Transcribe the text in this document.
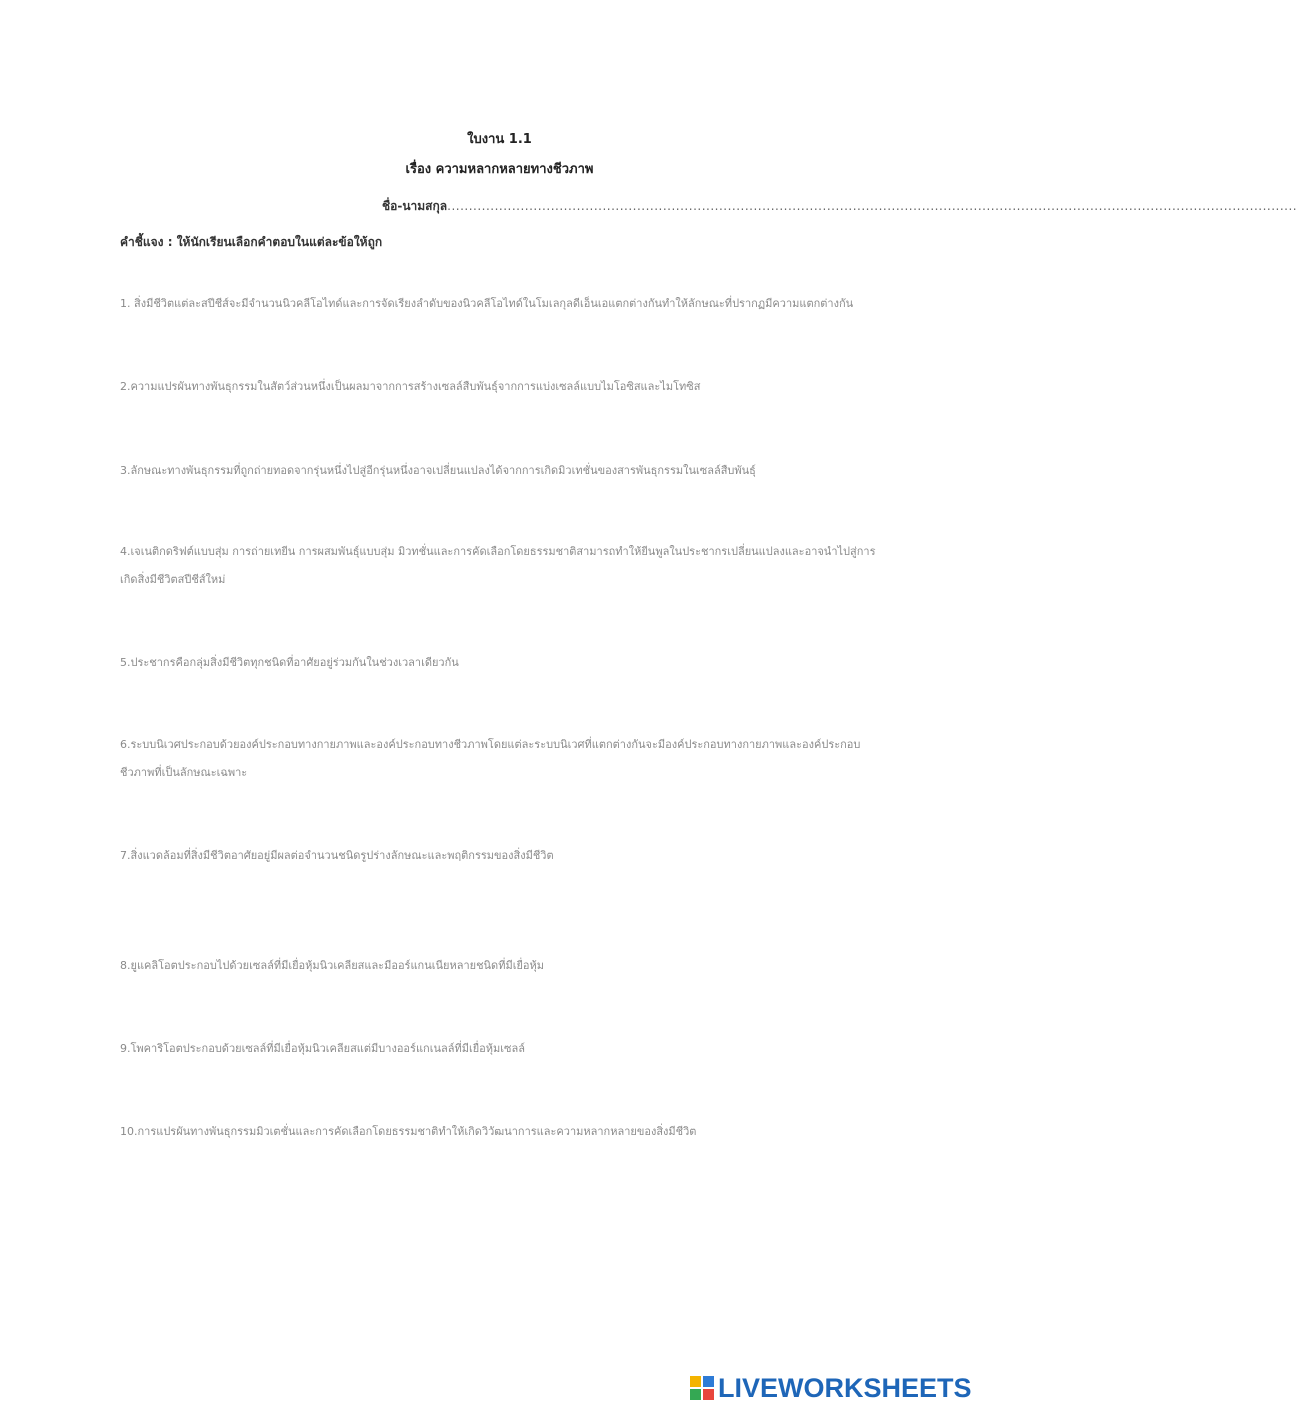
ใบงาน 1.1
เรื่อง ความหลากหลายทางชีวภาพ
ชื่อ-นามสกุล.....................................................................................................................................................................................................
คำชี้แจง : ให้นักเรียนเลือกคำตอบในแต่ละข้อให้ถูก
1. สิ่งมีชีวิตแต่ละสปีชีส์จะมีจำนวนนิวคลีโอไทด์และการจัดเรียงลำดับของนิวคลีโอไทด์ในโมเลกุลดีเอ็นเอแตกต่างกันทำให้ลักษณะที่ปรากฏมีความแตกต่างกัน
2.ความแปรผันทางพันธุกรรมในสัตว์ส่วนหนึ่งเป็นผลมาจากการสร้างเซลล์สืบพันธุ์จากการแบ่งเซลล์แบบไมโอซิสและไมโทซิส
3.ลักษณะทางพันธุกรรมที่ถูกถ่ายทอดจากรุ่นหนึ่งไปสู่อีกรุ่นหนึ่งอาจเปลี่ยนแปลงได้จากการเกิดมิวเทชั่นของสารพันธุกรรมในเซลล์สืบพันธุ์
4.เจเนติกดริฟต์แบบสุ่ม การถ่ายเทยีน การผสมพันธุ์แบบสุ่ม มิวทชั่นและการคัดเลือกโดยธรรมชาติสามารถทำให้ยีนพูลในประชากรเปลี่ยนแปลงและอาจนำไปสู่การเกิดสิ่งมีชีวิตสปีชีส์ใหม่
5.ประชากรคือกลุ่มสิ่งมีชีวิตทุกชนิดที่อาศัยอยู่ร่วมกันในช่วงเวลาเดียวกัน
6.ระบบนิเวศประกอบด้วยองค์ประกอบทางกายภาพและองค์ประกอบทางชีวภาพโดยแต่ละระบบนิเวศที่แตกต่างกันจะมีองค์ประกอบทางกายภาพและองค์ประกอบชีวภาพที่เป็นลักษณะเฉพาะ
7.สิ่งแวดล้อมที่สิ่งมีชีวิตอาศัยอยู่มีผลต่อจำนวนชนิดรูปร่างลักษณะและพฤติกรรมของสิ่งมีชีวิต
8.ยูแคลิโอตประกอบไปด้วยเซลล์ที่มีเยื่อหุ้มนิวเคลียสและมีออร์แกนเนียหลายชนิดที่มีเยื่อหุ้ม
9.โพคาริโอตประกอบด้วยเซลล์ที่มีเยื่อหุ้มนิวเคลียสแต่มีบางออร์แกเนลล์ที่มีเยื่อหุ้มเซลล์
10.การแปรผันทางพันธุกรรมมิวเตชั่นและการคัดเลือกโดยธรรมชาติทำให้เกิดวิวัฒนาการและความหลากหลายของสิ่งมีชีวิต
LIVEWORKSHEETS
